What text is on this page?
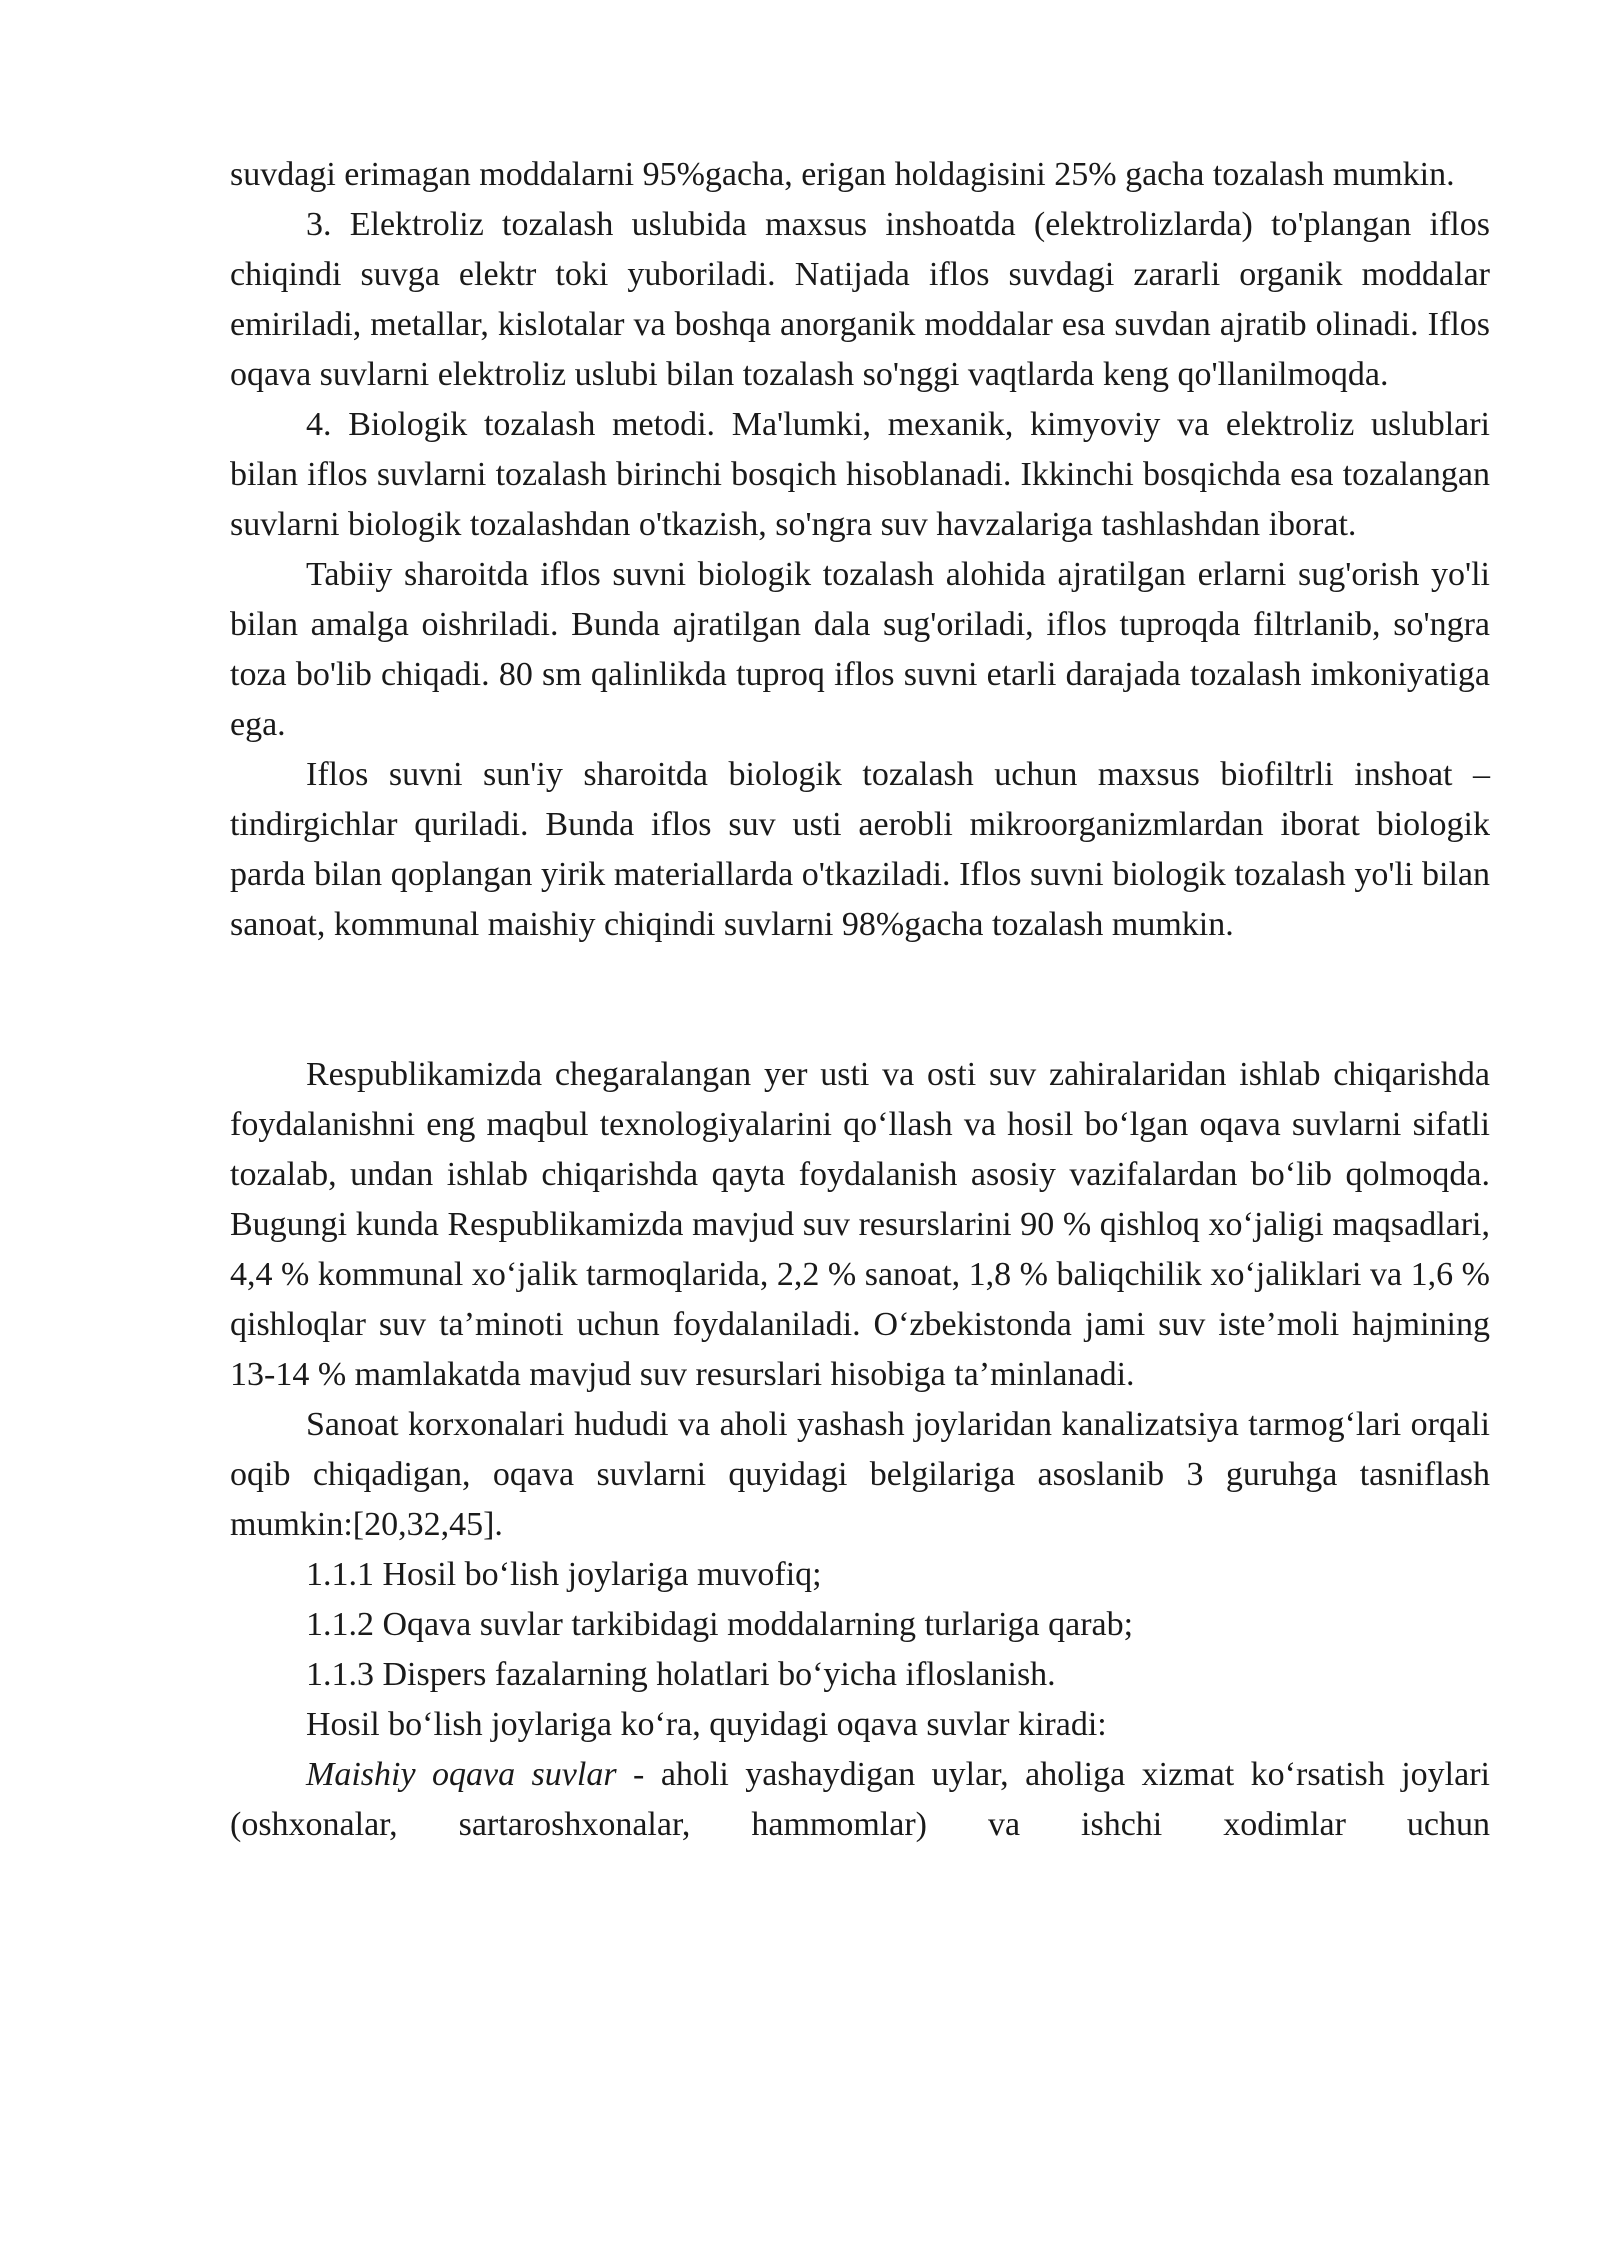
suvdagi erimagan moddalarni 95%gacha, erigan holdagisini 25% gacha tozalash mumkin.

3. Elektroliz tozalash uslubida maxsus inshoatda (elektrolizlarda) to'plangan iflos chiqindi suvga elektr toki yuboriladi. Natijada iflos suvdagi zararli organik moddalar emiriladi, metallar, kislotalar va boshqa anorganik moddalar esa suvdan ajratib olinadi. Iflos oqava suvlarni elektroliz uslubi bilan tozalash so'nggi vaqtlarda keng qo'llanilmoqda.

4. Biologik tozalash metodi. Ma'lumki, mexanik, kimyoviy va elektroliz uslublari bilan iflos suvlarni tozalash birinchi bosqich hisoblanadi. Ikkinchi bosqichda esa tozalangan suvlarni biologik tozalashdan o'tkazish, so'ngra suv havzalariga tashlashdan iborat.

Tabiiy sharoitda iflos suvni biologik tozalash alohida ajratilgan erlarni sug'orish yo'li bilan amalga oishriladi. Bunda ajratilgan dala sug'oriladi, iflos tuproqda filtrlanib, so'ngra toza bo'lib chiqadi. 80 sm qalinlikda tuproq iflos suvni etarli darajada tozalash imkoniyatiga ega.

Iflos suvni sun'iy sharoitda biologik tozalash uchun maxsus biofiltrli inshoat – tindirgichlar quriladi. Bunda iflos suv usti aerobli mikroorganizmlardan iborat biologik parda bilan qoplangan yirik materiallarda o'tkaziladi. Iflos suvni biologik tozalash yo'li bilan sanoat, kommunal maishiy chiqindi suvlarni 98%gacha tozalash mumkin.

Respublikamizda chegaralangan yer usti va osti suv zahiralaridan ishlab chiqarishda foydalanishni eng maqbul texnologiyalarini qo‘llash va hosil bo‘lgan oqava suvlarni sifatli tozalab, undan ishlab chiqarishda qayta foydalanish asosiy vazifalardan bo‘lib qolmoqda. Bugungi kunda Respublikamizda mavjud suv resurslarini 90 % qishloq xo‘jaligi maqsadlari, 4,4 % kommunal xo‘jalik tarmoqlarida, 2,2 % sanoat, 1,8 % baliqchilik xo‘jaliklari va 1,6 % qishloqlar suv ta’minoti uchun foydalaniladi. O‘zbekistonda jami suv iste’moli hajmining 13-14 % mamlakatda mavjud suv resurslari hisobiga ta’minlanadi.

Sanoat korxonalari hududi va aholi yashash joylaridan kanalizatsiya tarmog‘lari orqali oqib chiqadigan, oqava suvlarni quyidagi belgilariga asoslanib 3 guruhga tasniflash mumkin:[20,32,45].

1.1.1 Hosil bo‘lish joylariga muvofiq;

1.1.2 Oqava suvlar tarkibidagi moddalarning turlariga qarab;

1.1.3 Dispers fazalarning holatlari bo‘yicha ifloslanish.

Hosil bo‘lish joylariga ko‘ra, quyidagi oqava suvlar kiradi:

Maishiy oqava suvlar - aholi yashaydigan uylar, aholiga xizmat ko‘rsatish joylari (oshxonalar, sartaroshxonalar, hammomlar) va ishchi xodimlar uchun
